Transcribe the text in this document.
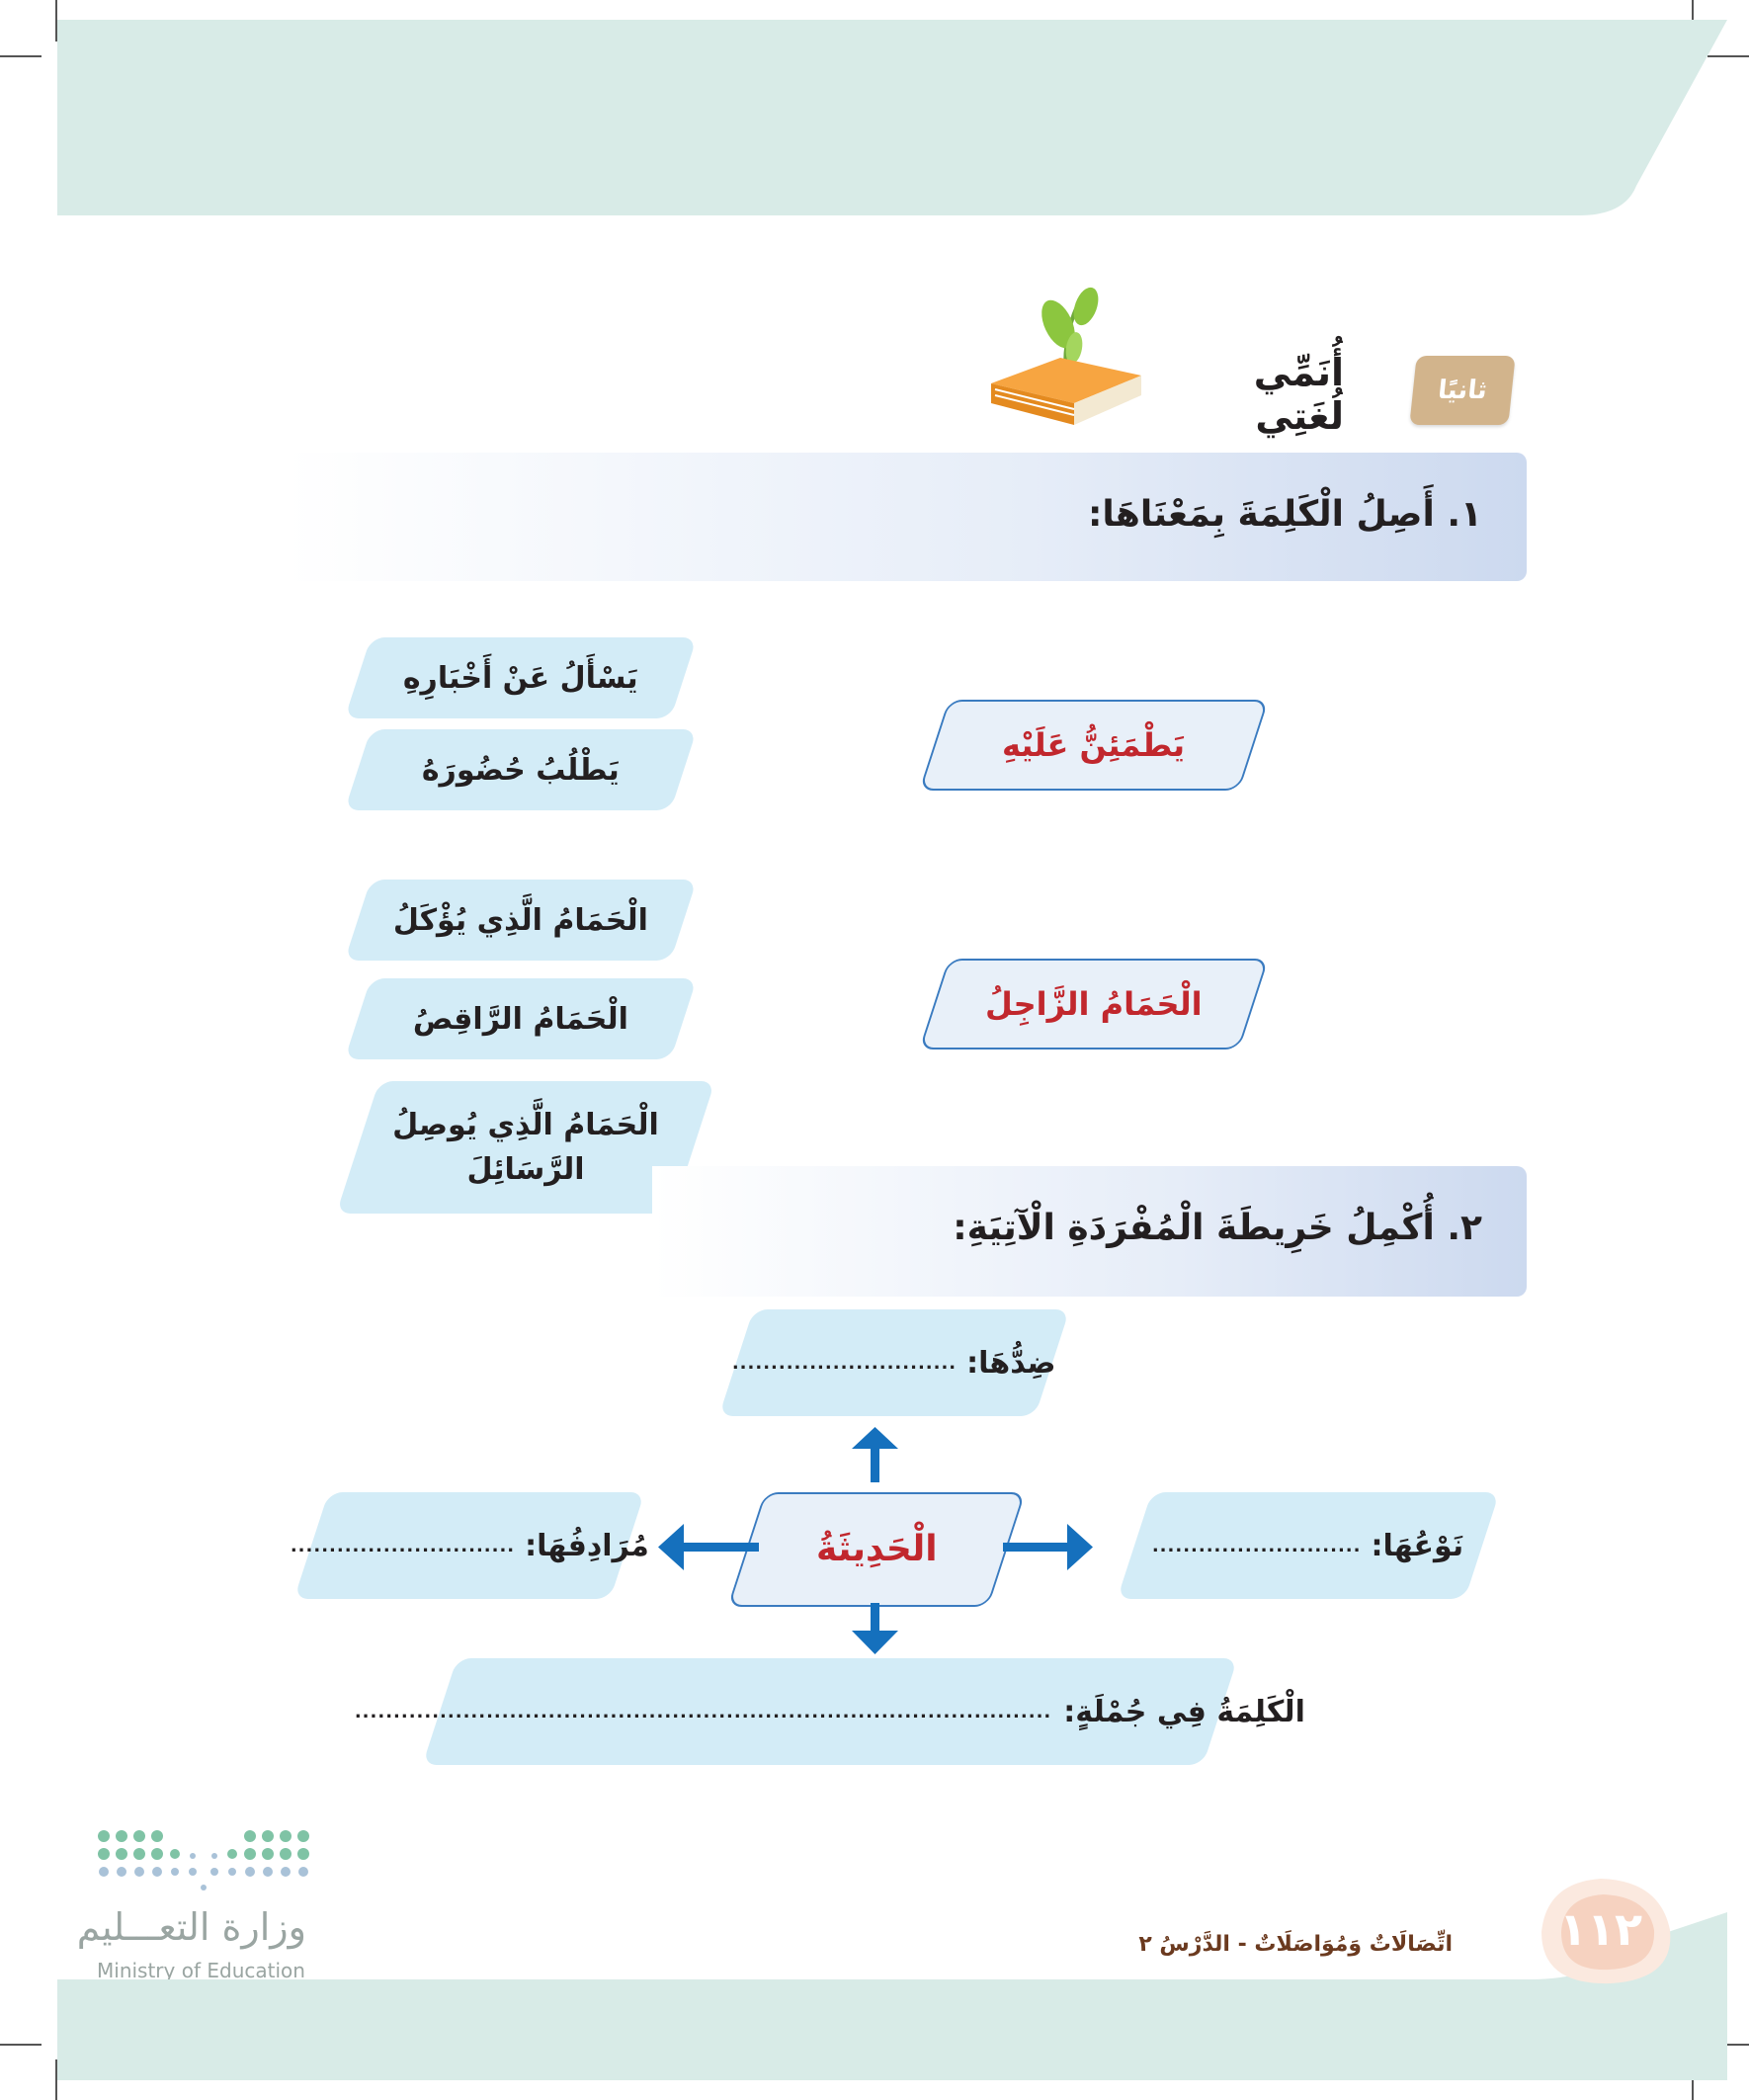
ثانيًا
أُنَمِّي لُغَتِي
١. أَصِلُ الْكَلِمَةَ بِمَعْنَاهَا:
يَطْمَئِنُّ عَلَيْهِ
يَسْأَلُ عَنْ أَخْبَارِهِ
يَطْلُبُ حُضُورَهُ
الْحَمَامُ الزَّاجِلُ
الْحَمَامُ الَّذِي يُؤْكَلُ
الْحَمَامُ الرَّاقِصُ
الْحَمَامُ الَّذِي يُوصِلُ الرَّسَائِلَ
٢. أُكْمِلُ خَرِيطَةَ الْمُفْرَدَةِ الْآتِيَةِ:
............................. ضِدُّهَا:
الْحَدِيثَةُ	........................... نَوْعُهَا:
............................. مُرَادِفُهَا:
.......................................................................................... الْكَلِمَةُ فِي جُمْلَةٍ:
وزارة التعـــليم
Ministry of Education
اتِّصَالَاتٌ وَمُوَاصَلَاتٌ - الدَّرْسُ ٢	١١٢
